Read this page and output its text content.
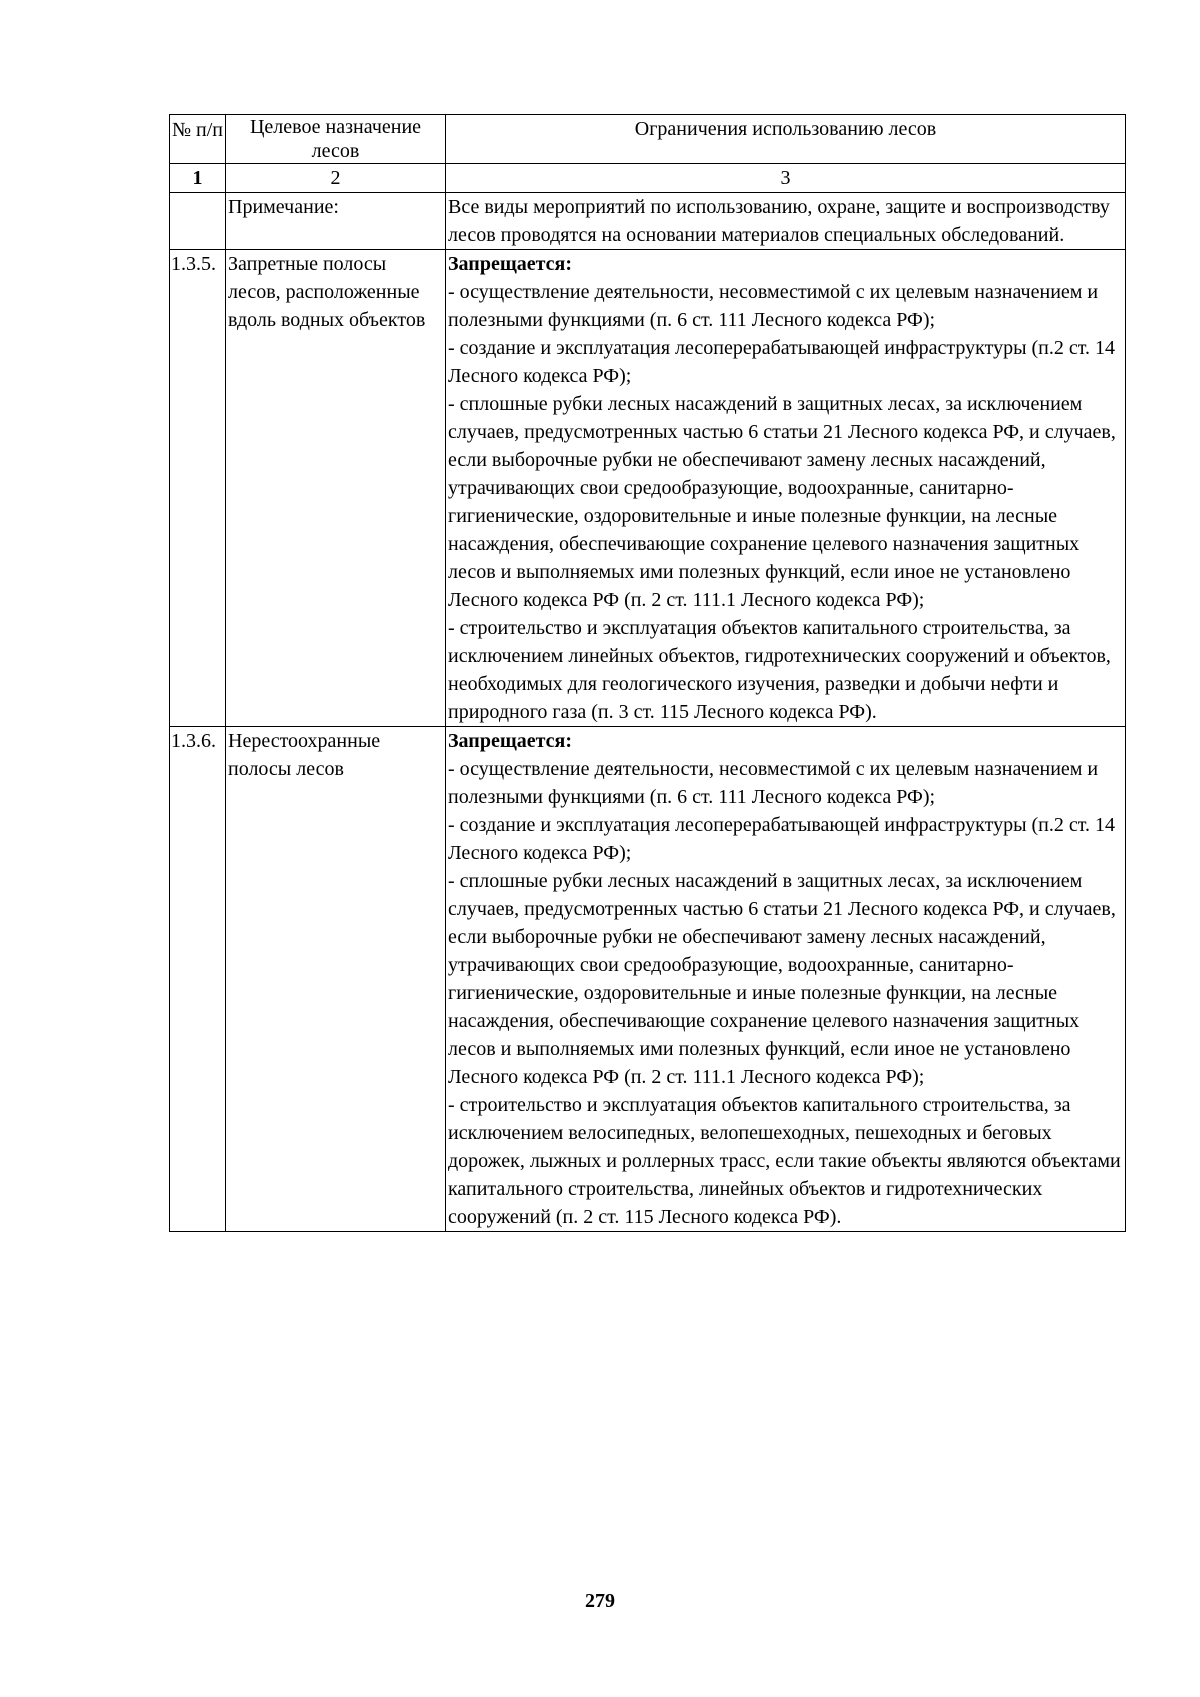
№ п/п	Целевое назначение лесов	Ограничения использованию лесов
1	2	3
	Примечание:	Все виды мероприятий по использованию, охране, защите и воспроизводству лесов проводятся на основании материалов специальных обследований.
1.3.5.	Запретные полосы лесов, расположенные вдоль водных объектов	Запрещается:
- осуществление деятельности, несовместимой с их целевым назначением и полезными функциями (п. 6 ст. 111 Лесного кодекса РФ);
- создание и эксплуатация лесоперерабатывающей инфраструктуры (п.2 ст. 14 Лесного кодекса РФ);
- сплошные рубки лесных насаждений в защитных лесах, за исключением случаев, предусмотренных частью 6 статьи 21 Лесного кодекса РФ, и случаев, если выборочные рубки не обеспечивают замену лесных насаждений, утрачивающих свои средообразующие, водоохранные, санитарно-гигиенические, оздоровительные и иные полезные функции, на лесные насаждения, обеспечивающие сохранение целевого назначения защитных лесов и выполняемых ими полезных функций, если иное не установлено Лесного кодекса РФ (п. 2 ст. 111.1 Лесного кодекса РФ);
- строительство и эксплуатация объектов капитального строительства, за исключением линейных объектов, гидротехнических сооружений и объектов, необходимых для геологического изучения, разведки и добычи нефти и природного газа (п. 3 ст. 115 Лесного кодекса РФ).

1.3.6.	Нерестоохранные полосы лесов	Запрещается:
- осуществление деятельности, несовместимой с их целевым назначением и полезными функциями (п. 6 ст. 111 Лесного кодекса РФ);
- создание и эксплуатация лесоперерабатывающей инфраструктуры (п.2 ст. 14 Лесного кодекса РФ);
- сплошные рубки лесных насаждений в защитных лесах, за исключением случаев, предусмотренных частью 6 статьи 21 Лесного кодекса РФ, и случаев, если выборочные рубки не обеспечивают замену лесных насаждений, утрачивающих свои средообразующие, водоохранные, санитарно-гигиенические, оздоровительные и иные полезные функции, на лесные насаждения, обеспечивающие сохранение целевого назначения защитных лесов и выполняемых ими полезных функций, если иное не установлено Лесного кодекса РФ (п. 2 ст. 111.1 Лесного кодекса РФ);
- строительство и эксплуатация объектов капитального строительства, за исключением велосипедных, велопешеходных, пешеходных и беговых дорожек, лыжных и роллерных трасс, если такие объекты являются объектами капитального строительства, линейных объектов и гидротехнических сооружений (п. 2 ст. 115 Лесного кодекса РФ).
279
